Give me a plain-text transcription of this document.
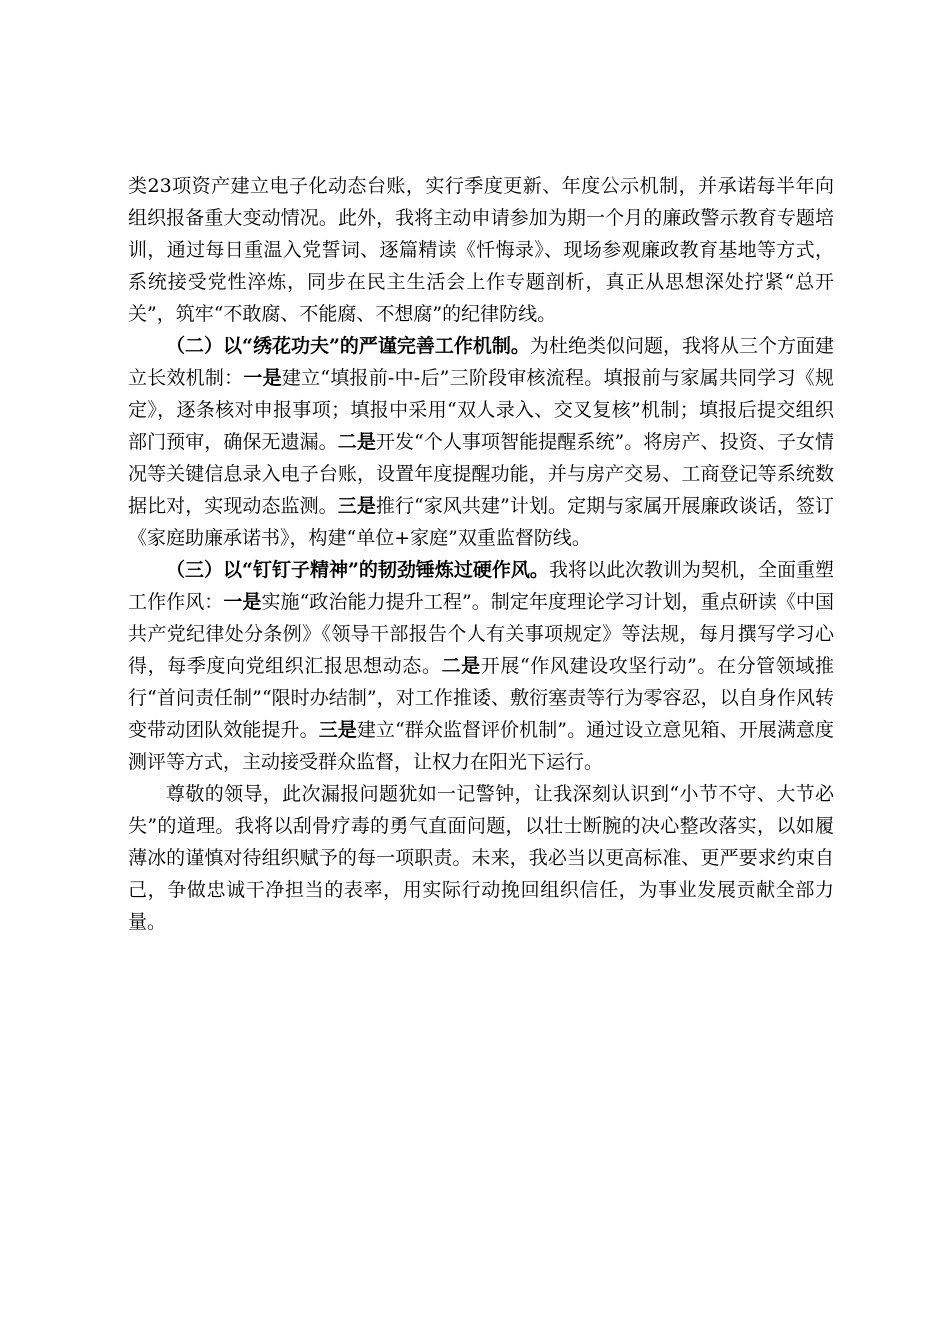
类23项资产建立电子化动态台账，实行季度更新、年度公示机制，并承诺每半年向组织报备重大变动情况。此外，我将主动申请参加为期一个月的廉政警示教育专题培训，通过每日重温入党誓词、逐篇精读《忏悔录》、现场参观廉政教育基地等方式，系统接受党性淬炼，同步在民主生活会上作专题剖析，真正从思想深处拧紧“总开关”，筑牢“不敢腐、不能腐、不想腐”的纪律防线。

（二）以“绣花功夫”的严谨完善工作机制。为杜绝类似问题，我将从三个方面建立长效机制：一是建立“填报前-中-后”三阶段审核流程。填报前与家属共同学习《规定》，逐条核对申报事项；填报中采用“双人录入、交叉复核”机制；填报后提交组织部门预审，确保无遗漏。二是开发“个人事项智能提醒系统”。将房产、投资、子女情况等关键信息录入电子台账，设置年度提醒功能，并与房产交易、工商登记等系统数据比对，实现动态监测。三是推行“家风共建”计划。定期与家属开展廉政谈话，签订《家庭助廉承诺书》，构建“单位+家庭”双重监督防线。

（三）以“钉钉子精神”的韧劲锤炼过硬作风。我将以此次教训为契机，全面重塑工作作风：一是实施“政治能力提升工程”。制定年度理论学习计划，重点研读《中国共产党纪律处分条例》《领导干部报告个人有关事项规定》等法规，每月撰写学习心得，每季度向党组织汇报思想动态。二是开展“作风建设攻坚行动”。在分管领域推行“首问责任制”“限时办结制”，对工作推诿、敷衍塞责等行为零容忍，以自身作风转变带动团队效能提升。三是建立“群众监督评价机制”。通过设立意见箱、开展满意度测评等方式，主动接受群众监督，让权力在阳光下运行。

尊敬的领导，此次漏报问题犹如一记警钟，让我深刻认识到“小节不守、大节必失”的道理。我将以刮骨疗毒的勇气直面问题，以壮士断腕的决心整改落实，以如履薄冰的谨慎对待组织赋予的每一项职责。未来，我必当以更高标准、更严要求约束自己，争做忠诚干净担当的表率，用实际行动挽回组织信任，为事业发展贡献全部力量。
